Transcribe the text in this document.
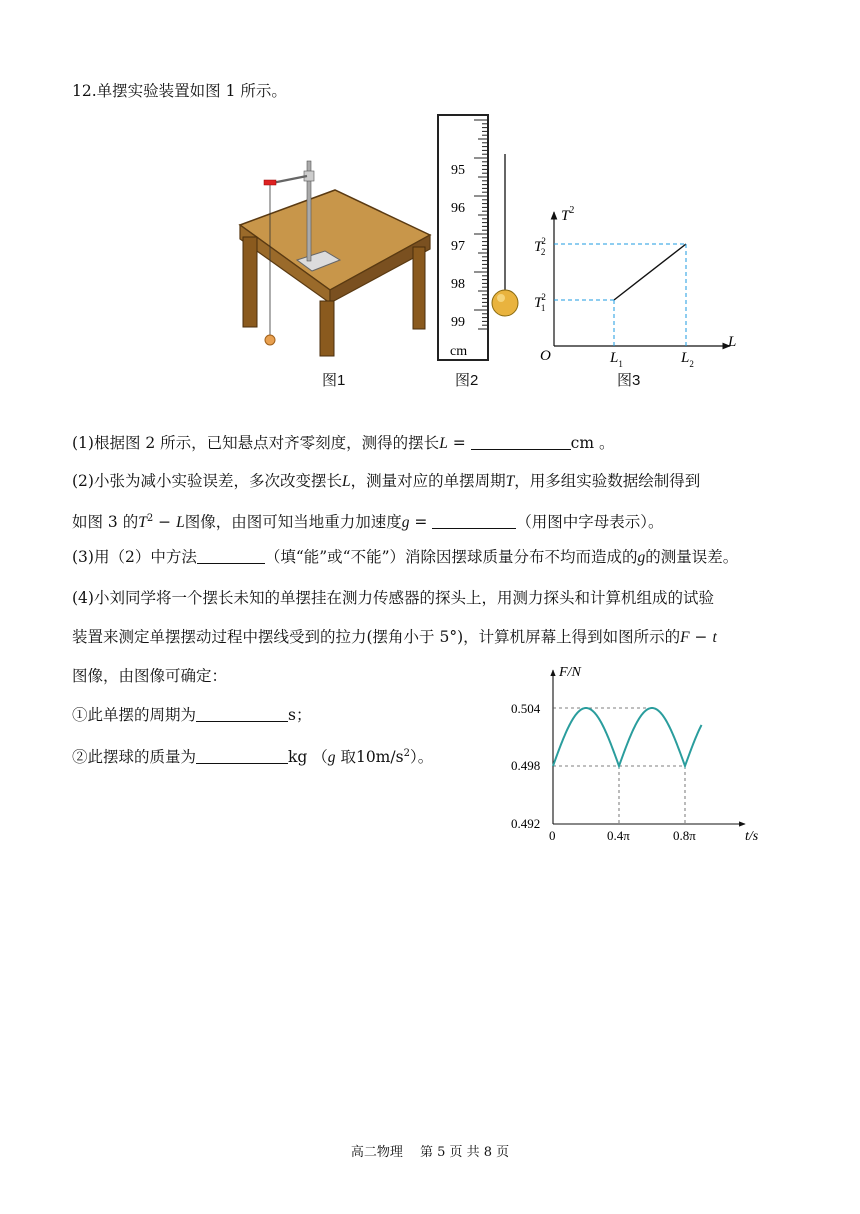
12.单摆实验装置如图 1 所示。
95
96
97
98
99
cm
$T^2$
L
O	$L_1$	$L_2$
T2 1
T2 2
图1	图2	图3
(1)根据图 2 所示，已知悬点对齐零刻度，测得的摆长L =	cm 。
(2)小张为减小实验误差，多次改变摆长L，测量对应的单摆周期T，用多组实验数据绘制得到
如图 3 的$T^2 - L$图像，由图可知当地重力加速度g =	（用图中字母表示）。
(3)用（2）中方法	（填“能”或“不能”）消除因摆球质量分布不均而造成的g的测量误差。
(4)小刘同学将一个摆长未知的单摆挂在测力传感器的探头上，用测力探头和计算机组成的试验
装置来测定单摆摆动过程中摆线受到的拉力(摆角小于 5°)，计算机屏幕上得到如图所示的F − t
图像，由图像可确定：
①此单摆的周期为	s；
②此摆球的质量为	kg （g 取$10m/s^2$）。
F/N
t/s
0.504
0.498
0.492
0	0.4π	0.8π
高二物理　 第 5 页 共 8 页
